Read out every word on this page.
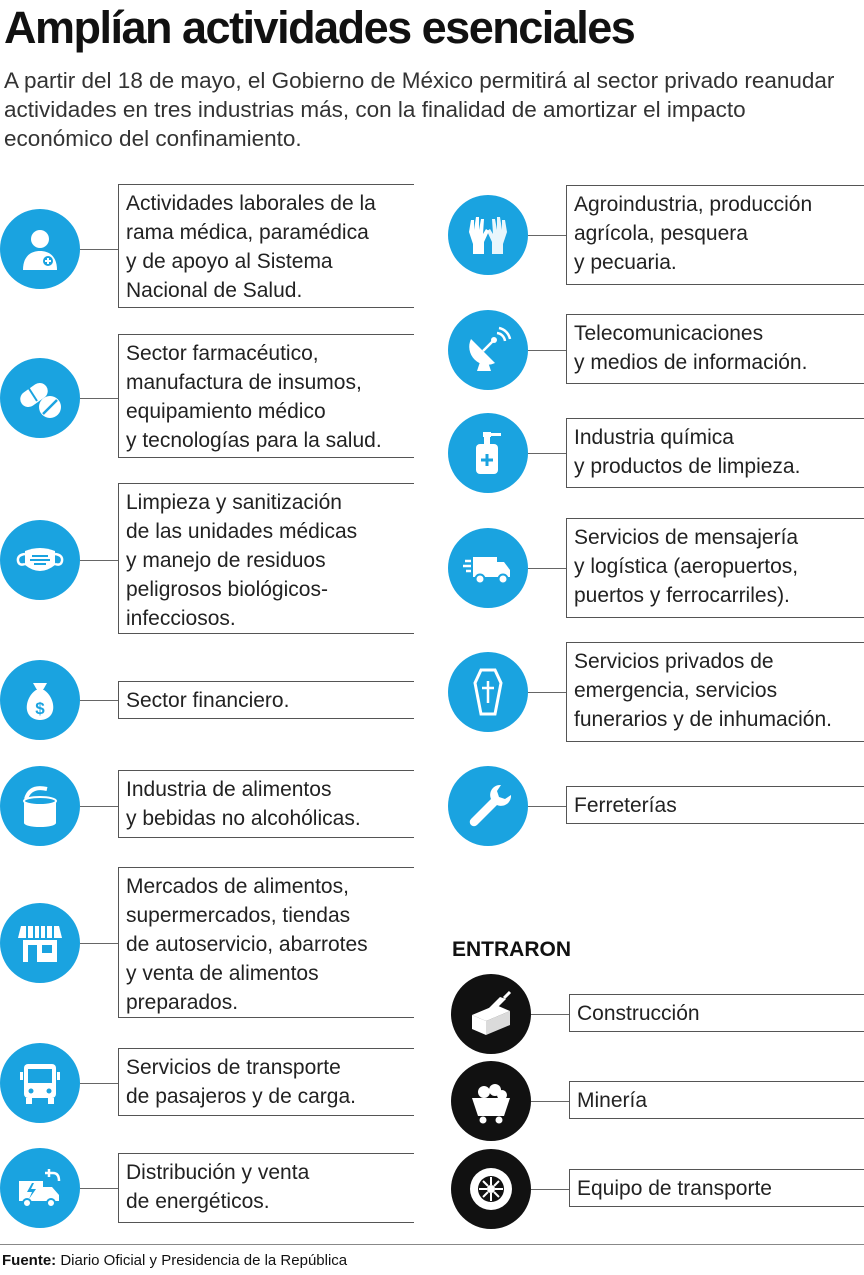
Amplían actividades esenciales

A partir del 18 de mayo, el Gobierno de México permitirá al sector privado reanudar actividades en tres industrias más, con la finalidad de amortizar el impacto económico del confinamiento.

Actividades laborales de la
rama médica, paramédica
y de apoyo al Sistema
Nacional de Salud.
Sector farmacéutico,
manufactura de insumos,
equipamiento médico
y tecnologías para la salud.
Limpieza y sanitización
de las unidades médicas
y manejo de residuos
peligrosos biológicos-
infecciosos.
$	Sector financiero.
Industria de alimentos
y bebidas no alcohólicas.
Mercados de alimentos,
supermercados, tiendas
de autoservicio, abarrotes
y venta de alimentos
preparados.
Servicios de transporte
de pasajeros y de carga.
Distribución y venta
de energéticos.
Agroindustria, producción
agrícola, pesquera
y pecuaria.
Telecomunicaciones
y medios de información.
Industria química
y productos de limpieza.
Servicios de mensajería
y logística (aeropuertos,
puertos y ferrocarriles).
Servicios privados de
emergencia, servicios
funerarios y de inhumación.
Ferreterías
ENTRARON
Construcción
Minería
Equipo de transporte
Fuente: Diario Oficial y Presidencia de la República
